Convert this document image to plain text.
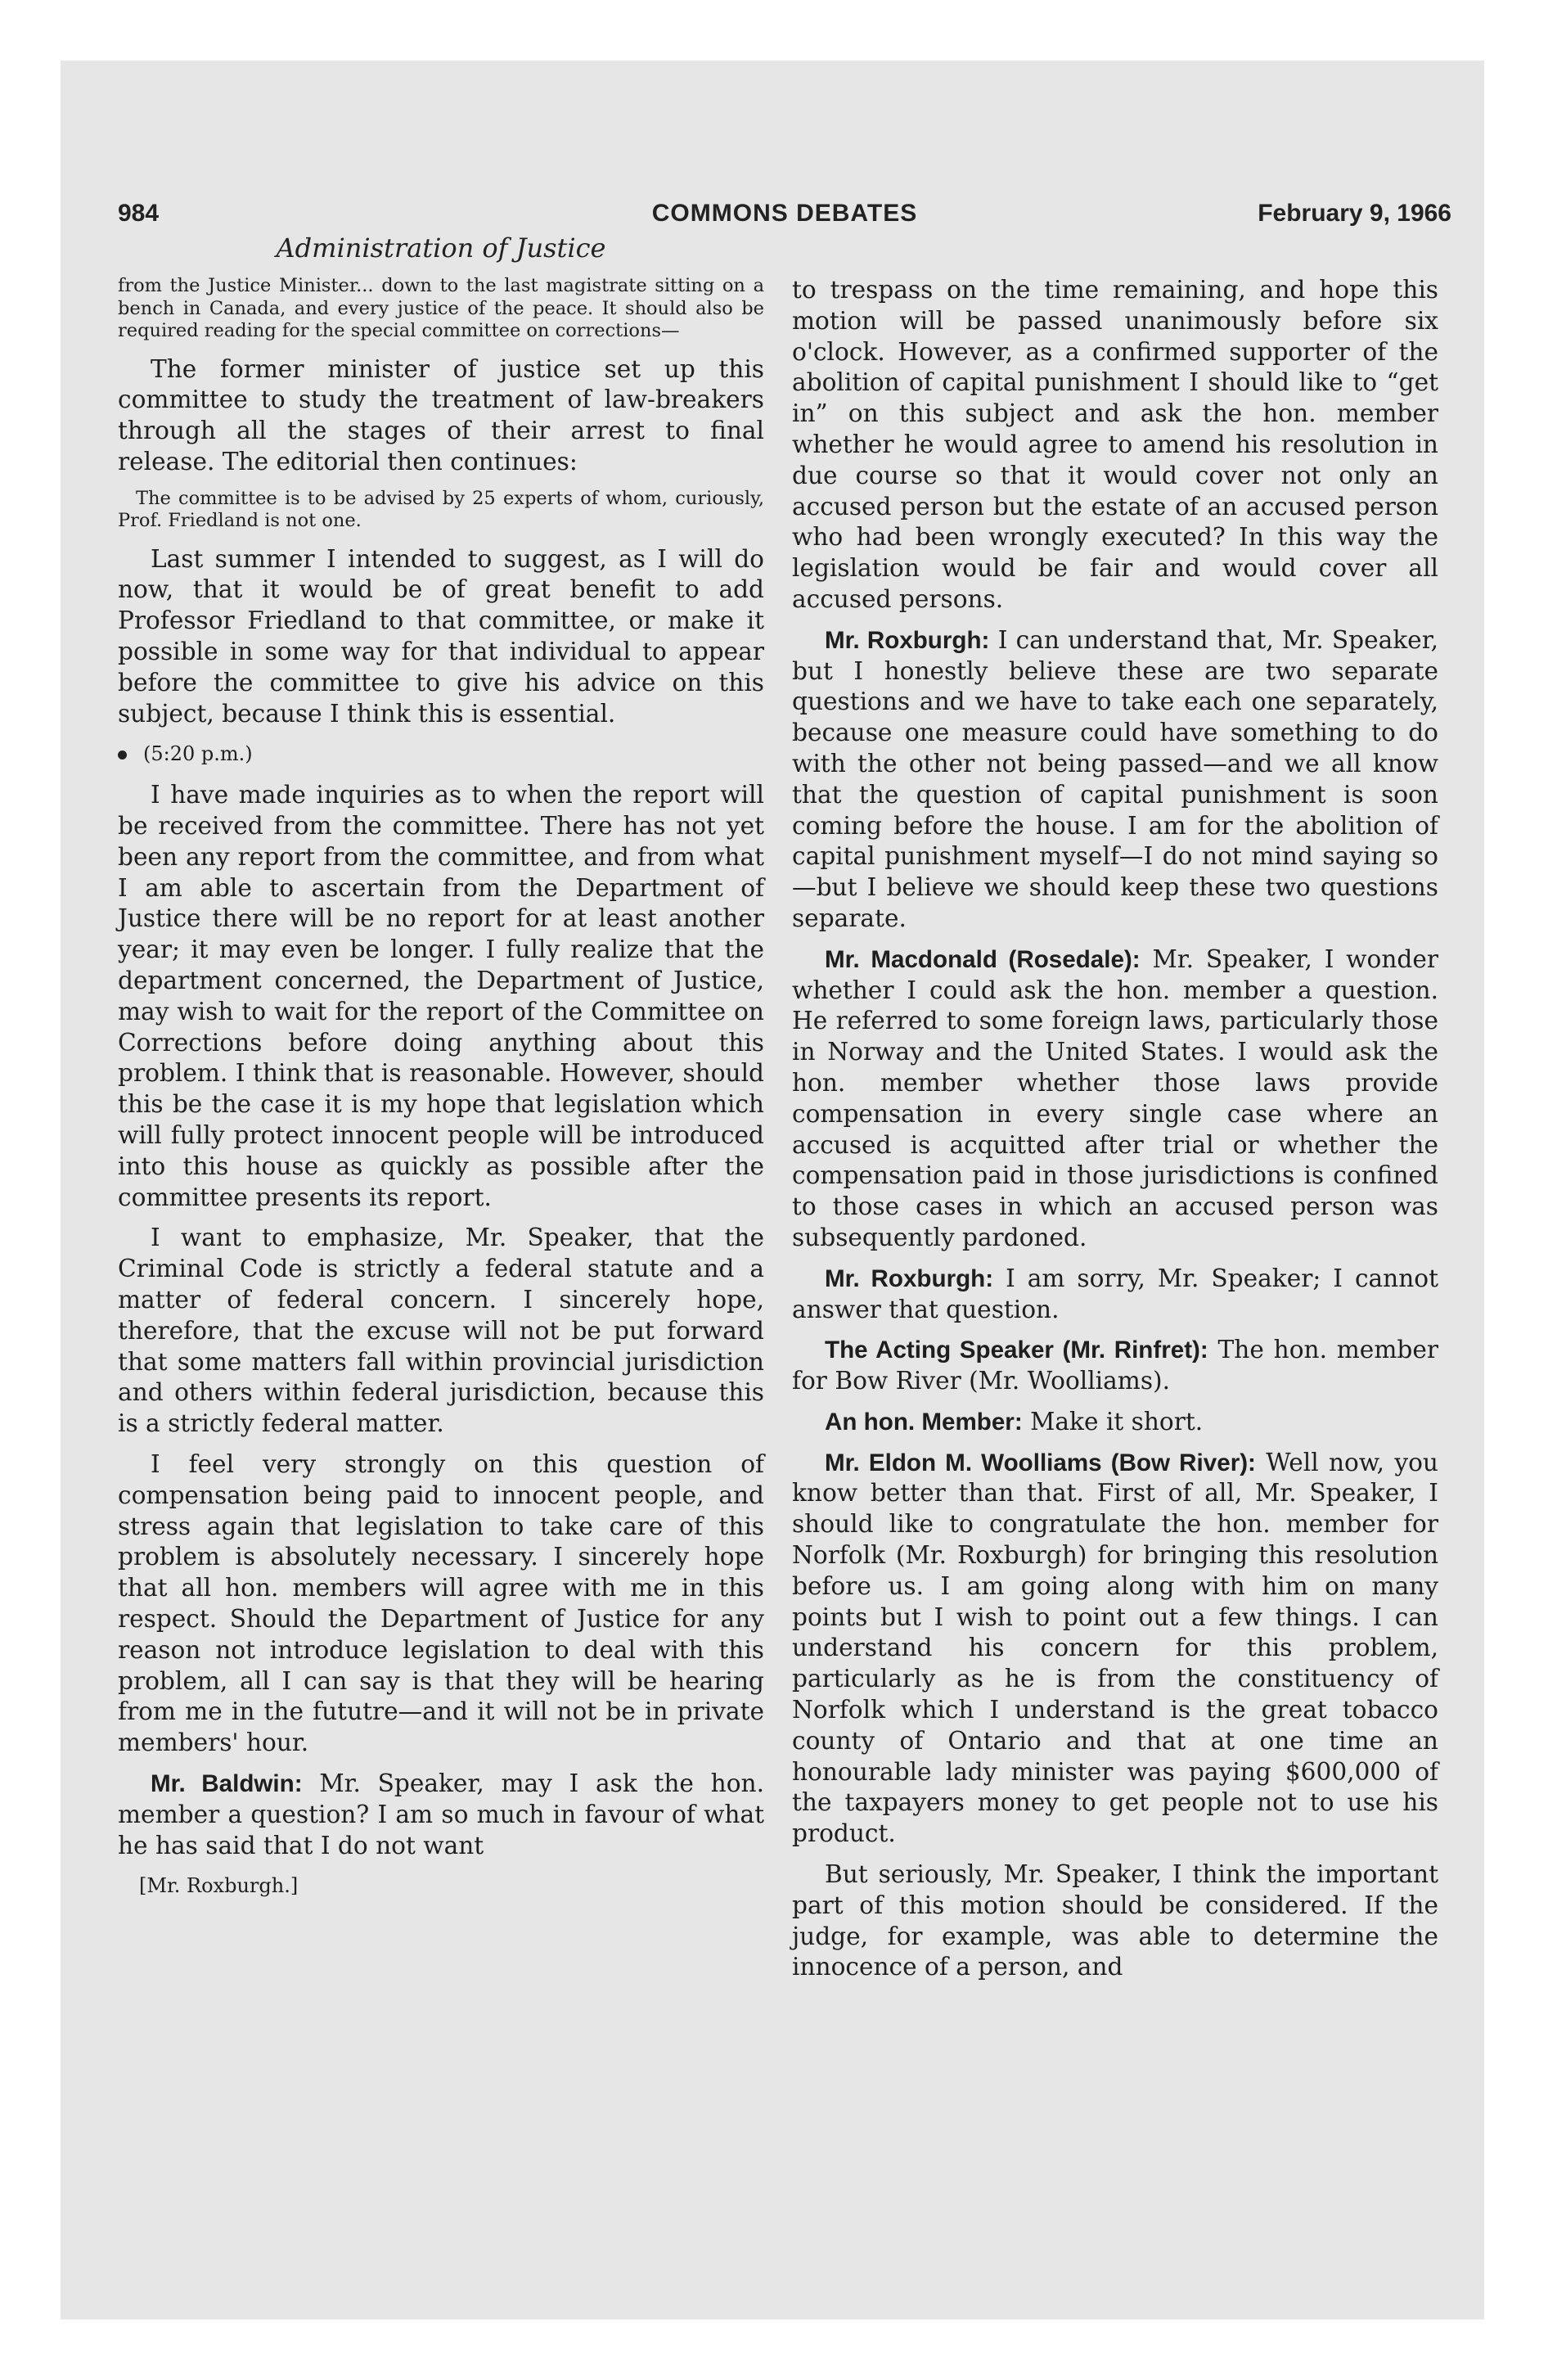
984	COMMONS DEBATES	February 9, 1966
Administration of Justice
from the Justice Minister... down to the last magistrate sitting on a bench in Canada, and every justice of the peace. It should also be required reading for the special committee on corrections—

The former minister of justice set up this committee to study the treatment of law-breakers through all the stages of their arrest to final release. The editorial then continues:

The committee is to be advised by 25 experts of whom, curiously, Prof. Friedland is not one.

Last summer I intended to suggest, as I will do now, that it would be of great benefit to add Professor Friedland to that committee, or make it possible in some way for that individual to appear before the committee to give his advice on this subject, because I think this is essential.

(5:20 p.m.)

I have made inquiries as to when the report will be received from the committee. There has not yet been any report from the committee, and from what I am able to ascertain from the Department of Justice there will be no report for at least another year; it may even be longer. I fully realize that the department concerned, the Department of Justice, may wish to wait for the report of the Committee on Corrections before doing anything about this problem. I think that is reasonable. However, should this be the case it is my hope that legislation which will fully protect innocent people will be introduced into this house as quickly as possible after the committee presents its report.

I want to emphasize, Mr. Speaker, that the Criminal Code is strictly a federal statute and a matter of federal concern. I sincerely hope, therefore, that the excuse will not be put forward that some matters fall within provincial jurisdiction and others within federal jurisdiction, because this is a strictly federal matter.

I feel very strongly on this question of compensation being paid to innocent people, and stress again that legislation to take care of this problem is absolutely necessary. I sincerely hope that all hon. members will agree with me in this respect. Should the Department of Justice for any reason not introduce legislation to deal with this problem, all I can say is that they will be hearing from me in the fututre—and it will not be in private members' hour.

Mr. Baldwin: Mr. Speaker, may I ask the hon. member a question? I am so much in favour of what he has said that I do not want

[Mr. Roxburgh.]

to trespass on the time remaining, and hope this motion will be passed unanimously before six o'clock. However, as a confirmed supporter of the abolition of capital punishment I should like to “get in” on this subject and ask the hon. member whether he would agree to amend his resolution in due course so that it would cover not only an accused person but the estate of an accused person who had been wrongly executed? In this way the legislation would be fair and would cover all accused persons.

Mr. Roxburgh: I can understand that, Mr. Speaker, but I honestly believe these are two separate questions and we have to take each one separately, because one measure could have something to do with the other not being passed—and we all know that the question of capital punishment is soon coming before the house. I am for the abolition of capital punishment myself—I do not mind saying so—but I believe we should keep these two questions separate.

Mr. Macdonald (Rosedale): Mr. Speaker, I wonder whether I could ask the hon. member a question. He referred to some foreign laws, particularly those in Norway and the United States. I would ask the hon. member whether those laws provide compensation in every single case where an accused is acquitted after trial or whether the compensation paid in those jurisdictions is confined to those cases in which an accused person was subsequently pardoned.

Mr. Roxburgh: I am sorry, Mr. Speaker; I cannot answer that question.

The Acting Speaker (Mr. Rinfret): The hon. member for Bow River (Mr. Woolliams).

An hon. Member: Make it short.

Mr. Eldon M. Woolliams (Bow River): Well now, you know better than that. First of all, Mr. Speaker, I should like to congratulate the hon. member for Norfolk (Mr. Roxburgh) for bringing this resolution before us. I am going along with him on many points but I wish to point out a few things. I can understand his concern for this problem, particularly as he is from the constituency of Norfolk which I understand is the great tobacco county of Ontario and that at one time an honourable lady minister was paying $600,000 of the taxpayers money to get people not to use his product.

But seriously, Mr. Speaker, I think the important part of this motion should be considered. If the judge, for example, was able to determine the innocence of a person, and
